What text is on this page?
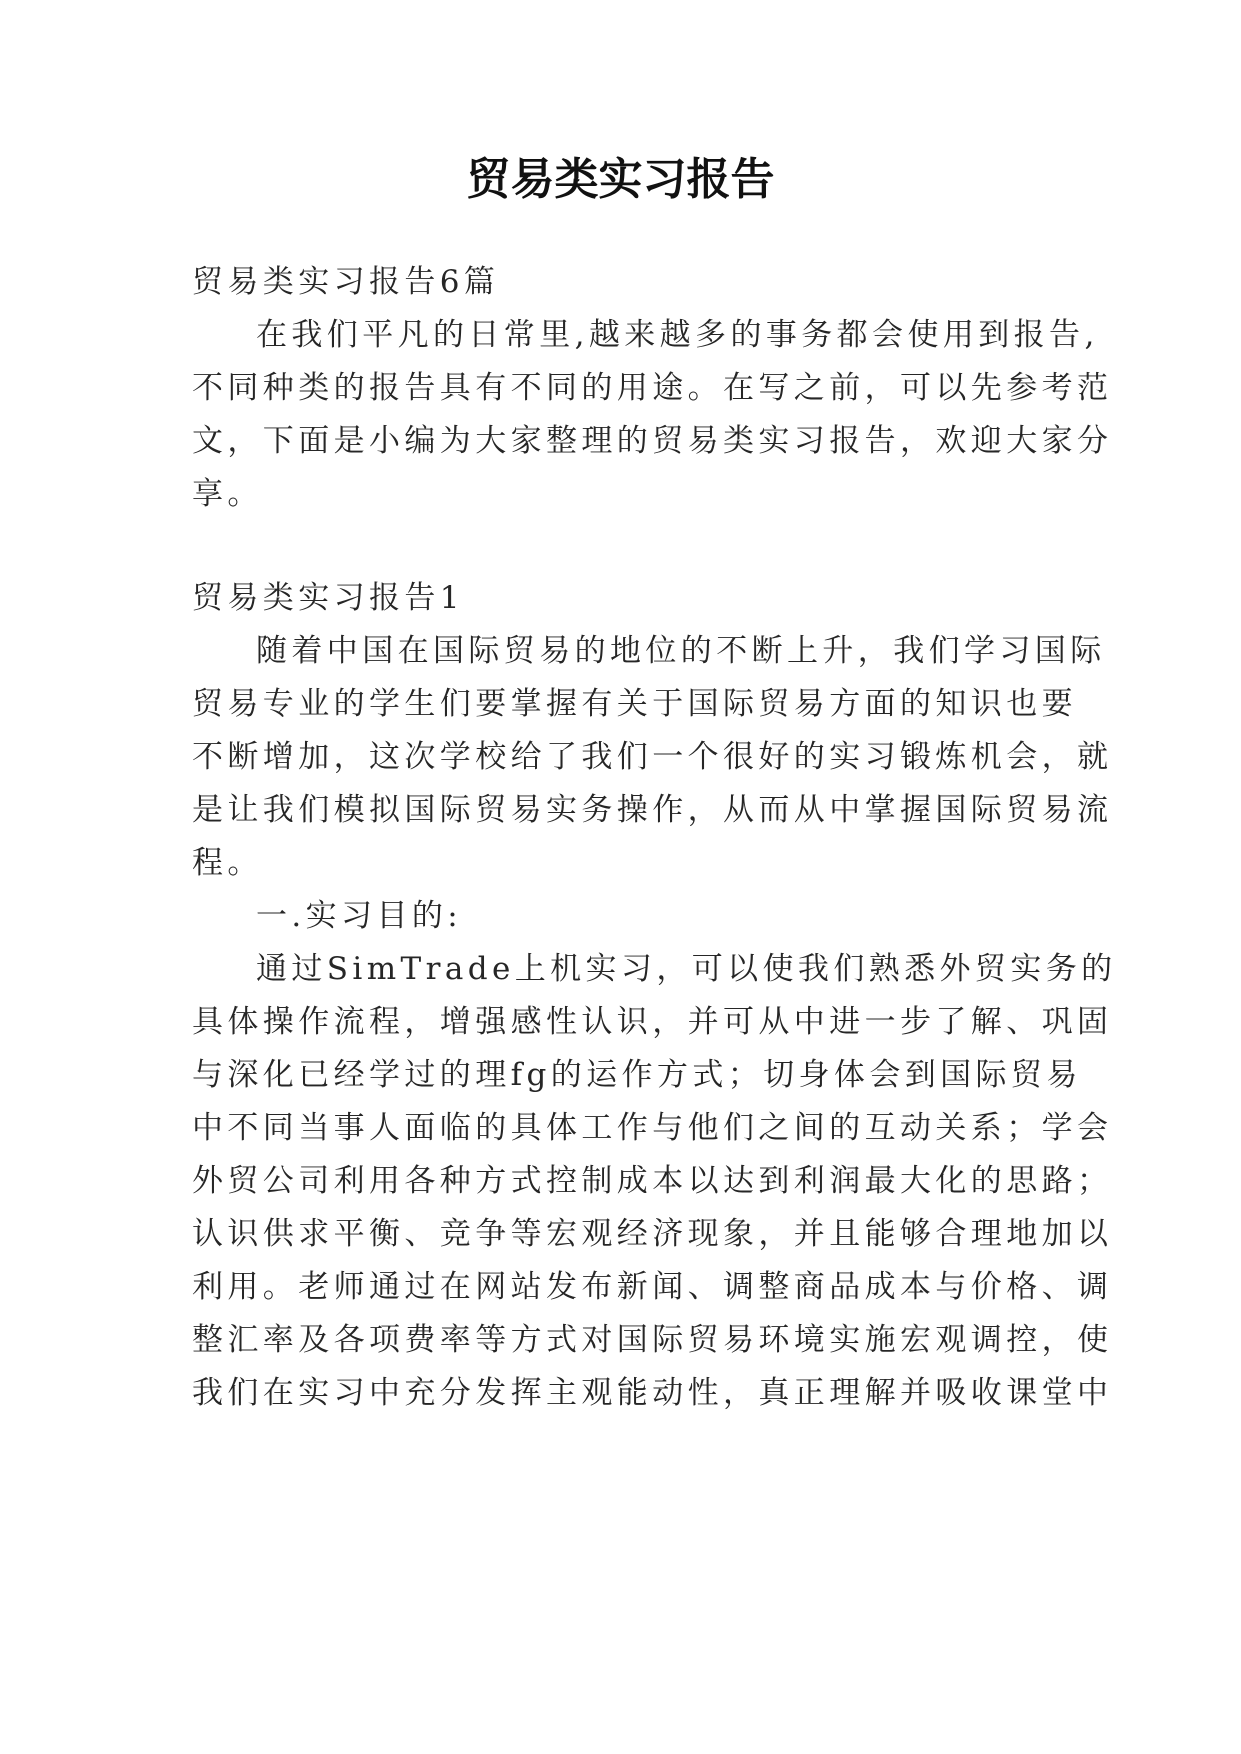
贸易类实习报告
贸易类实习报告6篇
在我们平凡的日常里,越来越多的事务都会使用到报告,
不同种类的报告具有不同的用途。在写之前，可以先参考范
文，下面是小编为大家整理的贸易类实习报告，欢迎大家分
享。
贸易类实习报告1
随着中国在国际贸易的地位的不断上升，我们学习国际
贸易专业的学生们要掌握有关于国际贸易方面的知识也要
不断增加，这次学校给了我们一个很好的实习锻炼机会，就
是让我们模拟国际贸易实务操作，从而从中掌握国际贸易流
程。
一.实习目的:
通过SimTrade上机实习，可以使我们熟悉外贸实务的
具体操作流程，增强感性认识，并可从中进一步了解、巩固
与深化已经学过的理fg的运作方式；切身体会到国际贸易
中不同当事人面临的具体工作与他们之间的互动关系；学会
外贸公司利用各种方式控制成本以达到利润最大化的思路；
认识供求平衡、竞争等宏观经济现象，并且能够合理地加以
利用。老师通过在网站发布新闻、调整商品成本与价格、调
整汇率及各项费率等方式对国际贸易环境实施宏观调控，使
我们在实习中充分发挥主观能动性，真正理解并吸收课堂中
